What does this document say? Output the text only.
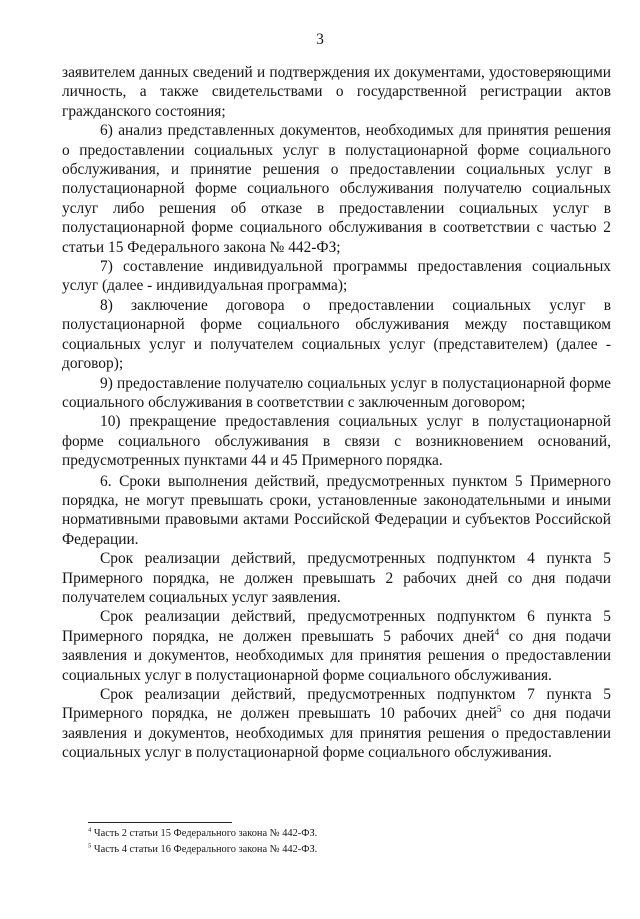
3

заявителем данных сведений и подтверждения их документами, удостоверяющими личность, а также свидетельствами о государственной регистрации актов гражданского состояния;

6) анализ представленных документов, необходимых для принятия решения о предоставлении социальных услуг в полустационарной форме социального обслуживания, и принятие решения о предоставлении социальных услуг в полустационарной форме социального обслуживания получателю социальных услуг либо решения об отказе в предоставлении социальных услуг в полустационарной форме социального обслуживания в соответствии с частью 2 статьи 15 Федерального закона № 442-ФЗ;

7) составление индивидуальной программы предоставления социальных услуг (далее - индивидуальная программа);

8) заключение договора о предоставлении социальных услуг в полустационарной форме социального обслуживания между поставщиком социальных услуг и получателем социальных услуг (представителем) (далее - договор);

9) предоставление получателю социальных услуг в полустационарной форме социального обслуживания в соответствии с заключенным договором;

10) прекращение предоставления социальных услуг в полустационарной форме социального обслуживания в связи с возникновением оснований, предусмотренных пунктами 44 и 45 Примерного порядка.

6. Сроки выполнения действий, предусмотренных пунктом 5 Примерного порядка, не могут превышать сроки, установленные законодательными и иными нормативными правовыми актами Российской Федерации и субъектов Российской Федерации.

Срок реализации действий, предусмотренных подпунктом 4 пункта 5 Примерного порядка, не должен превышать 2 рабочих дней со дня подачи получателем социальных услуг заявления.

Срок реализации действий, предусмотренных подпунктом 6 пункта 5 Примерного порядка, не должен превышать 5 рабочих дней$^4$ со дня подачи заявления и документов, необходимых для принятия решения о предоставлении социальных услуг в полустационарной форме социального обслуживания.

Срок реализации действий, предусмотренных подпунктом 7 пункта 5 Примерного порядка, не должен превышать 10 рабочих дней$^5$ со дня подачи заявления и документов, необходимых для принятия решения о предоставлении социальных услуг в полустационарной форме социального обслуживания.

$^4$ Часть 2 статьи 15 Федерального закона № 442-ФЗ.
$^5$ Часть 4 статьи 16 Федерального закона № 442-ФЗ.
